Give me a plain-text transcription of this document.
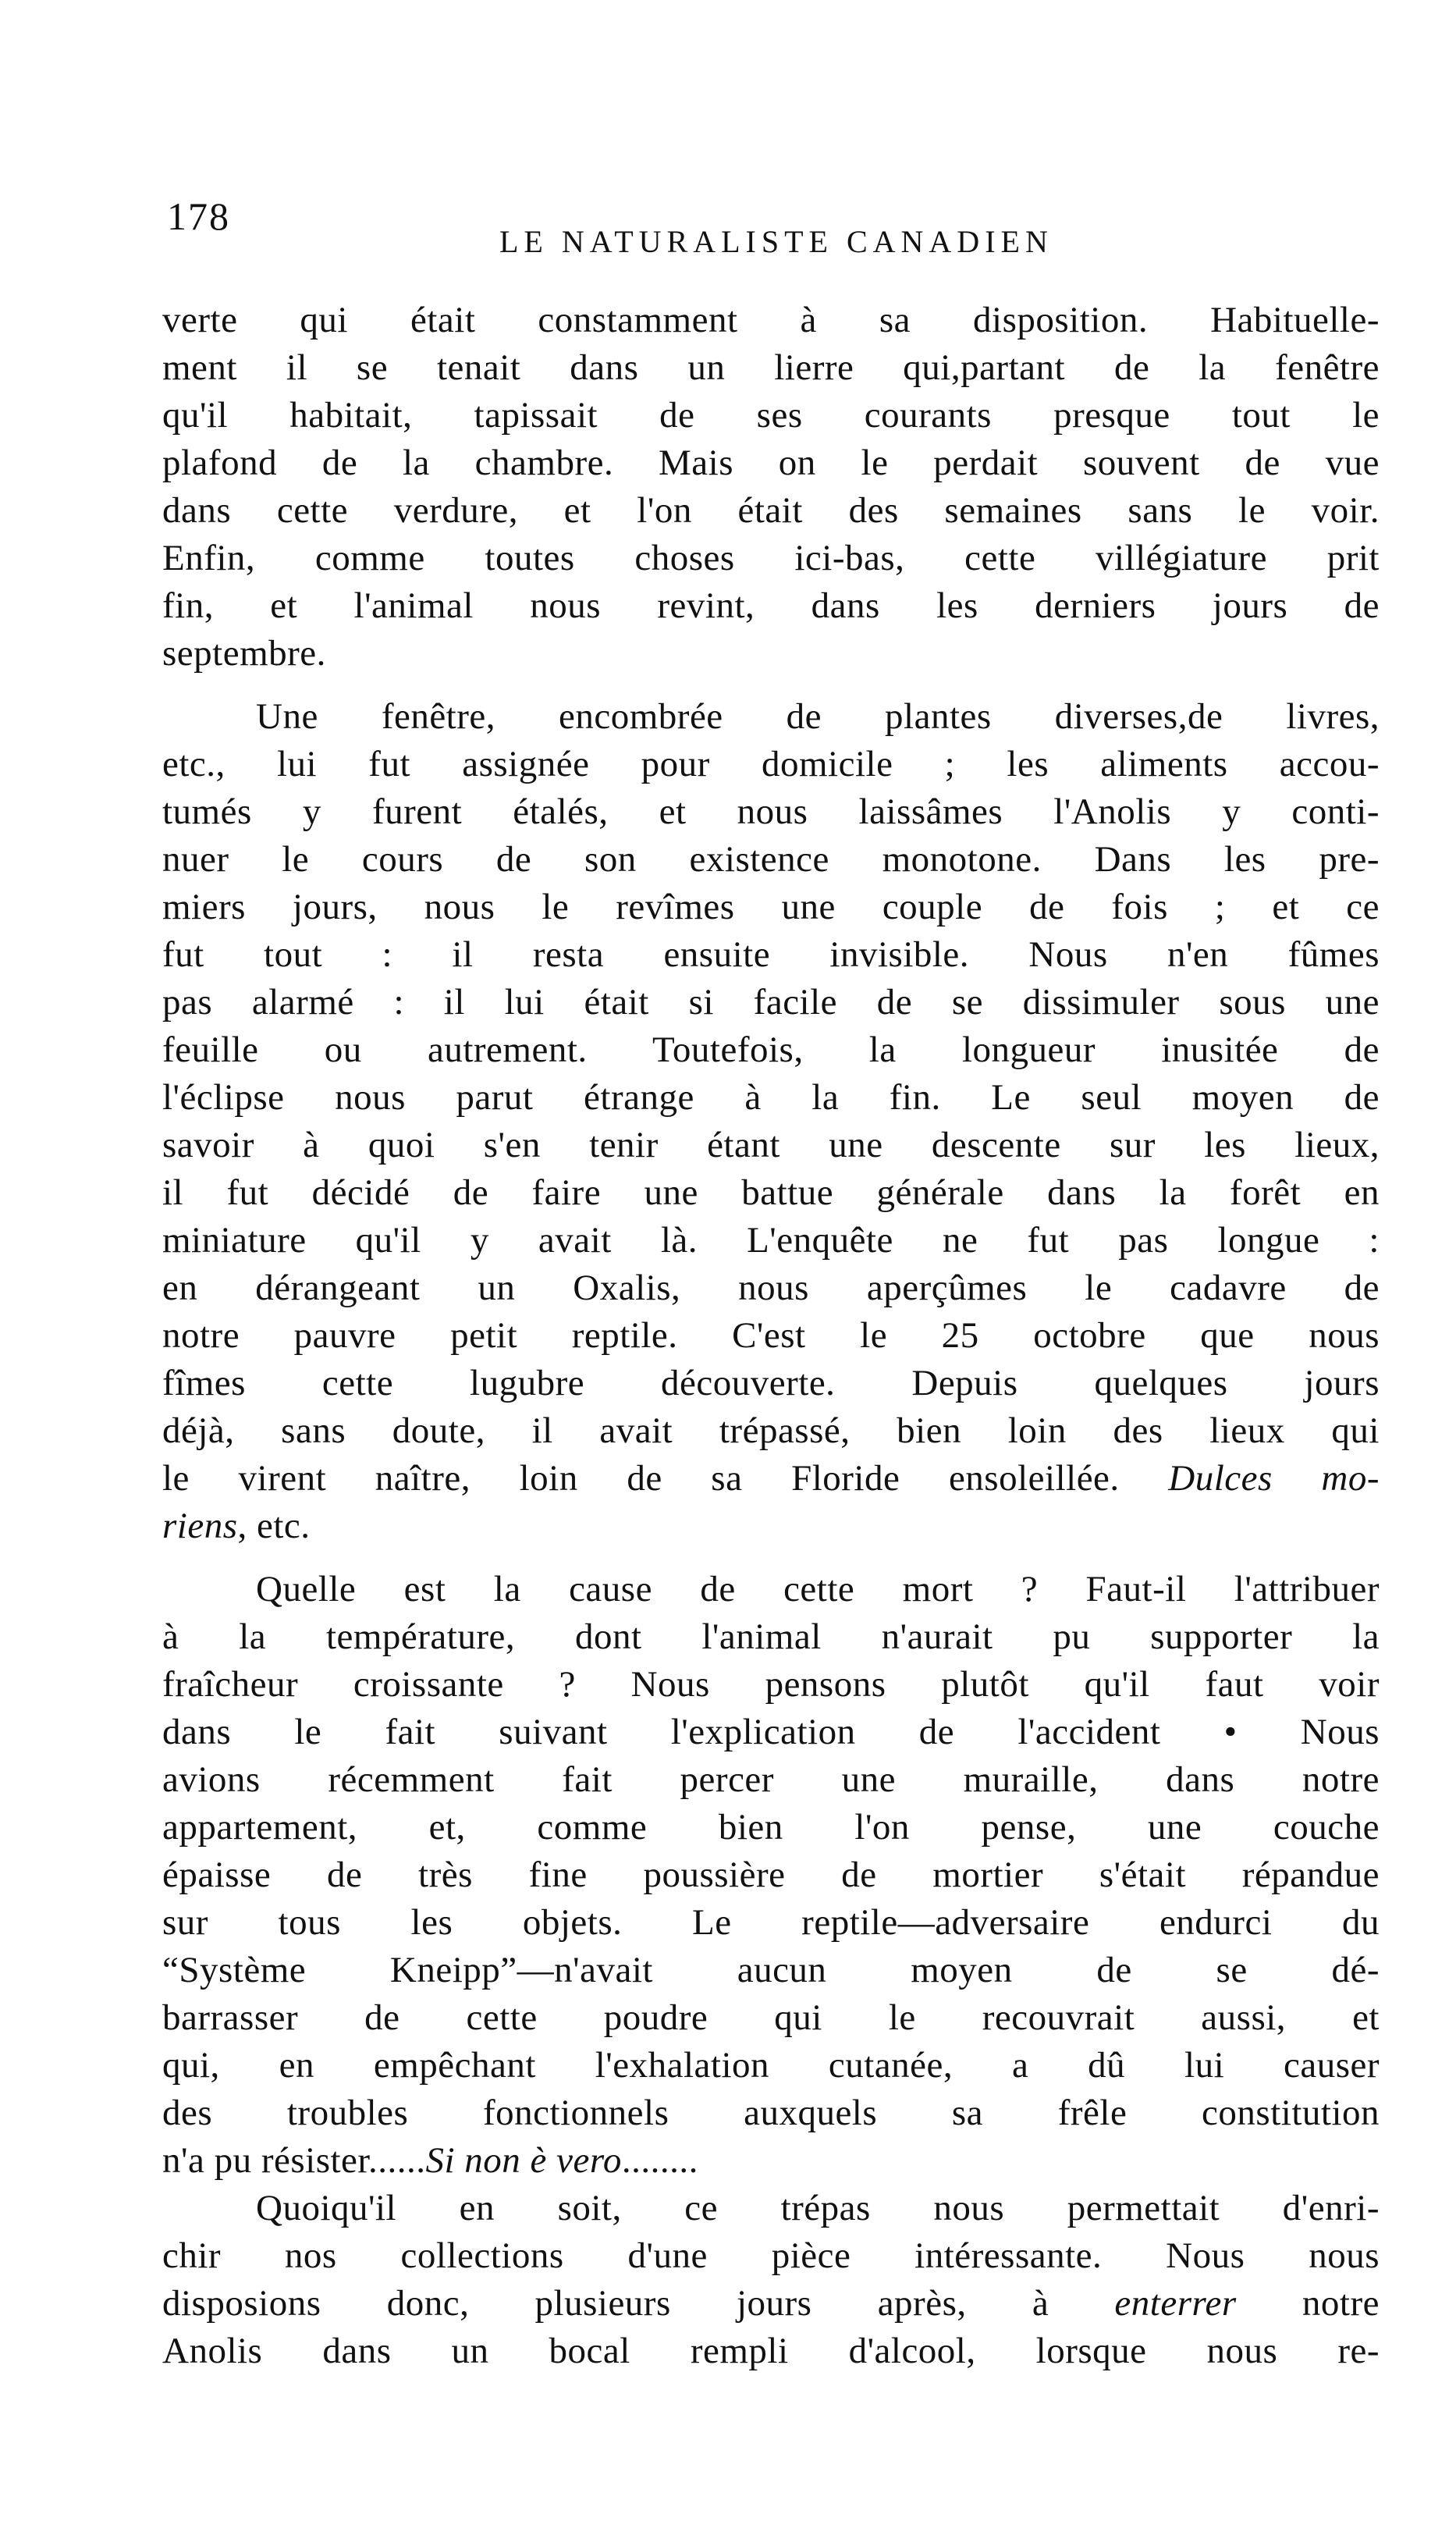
178
LE NATURALISTE CANADIEN
verte qui était constamment à sa disposition. Habituelle-
ment il se tenait dans un lierre qui,partant de la fenêtre
qu'il habitait, tapissait de ses courants presque tout le
plafond de la chambre. Mais on le perdait souvent de vue
dans cette verdure, et l'on était des semaines sans le voir.
Enfin, comme toutes choses ici-bas, cette villégiature prit
fin, et l'animal nous revint, dans les derniers jours de
septembre.
Une fenêtre, encombrée de plantes diverses,de livres,
etc., lui fut assignée pour domicile ; les aliments accou-
tumés y furent étalés, et nous laissâmes l'Anolis y conti-
nuer le cours de son existence monotone. Dans les pre-
miers jours, nous le revîmes une couple de fois ; et ce
fut tout : il resta ensuite invisible. Nous n'en fûmes
pas alarmé : il lui était si facile de se dissimuler sous une
feuille ou autrement. Toutefois, la longueur inusitée de
l'éclipse nous parut étrange à la fin. Le seul moyen de
savoir à quoi s'en tenir étant une descente sur les lieux,
il fut décidé de faire une battue générale dans la forêt en
miniature qu'il y avait là. L'enquête ne fut pas longue :
en dérangeant un Oxalis, nous aperçûmes le cadavre de
notre pauvre petit reptile. C'est le 25 octobre que nous
fîmes cette lugubre découverte. Depuis quelques jours
déjà, sans doute, il avait trépassé, bien loin des lieux qui
le virent naître, loin de sa Floride ensoleillée. Dulces mo-
riens, etc.
Quelle est la cause de cette mort ? Faut-il l'attribuer
à la température, dont l'animal n'aurait pu supporter la
fraîcheur croissante ? Nous pensons plutôt qu'il faut voir
dans le fait suivant l'explication de l'accident • Nous
avions récemment fait percer une muraille, dans notre
appartement, et, comme bien l'on pense, une couche
épaisse de très fine poussière de mortier s'était répandue
sur tous les objets. Le reptile—adversaire endurci du
“Système Kneipp”—n'avait aucun moyen de se dé-
barrasser de cette poudre qui le recouvrait aussi, et
qui, en empêchant l'exhalation cutanée, a dû lui causer
des troubles fonctionnels auxquels sa frêle constitution
n'a pu résister......Si non è vero........
Quoiqu'il en soit, ce trépas nous permettait d'enri-
chir nos collections d'une pièce intéressante. Nous nous
disposions donc, plusieurs jours après, à enterrer notre
Anolis dans un bocal rempli d'alcool, lorsque nous re-
